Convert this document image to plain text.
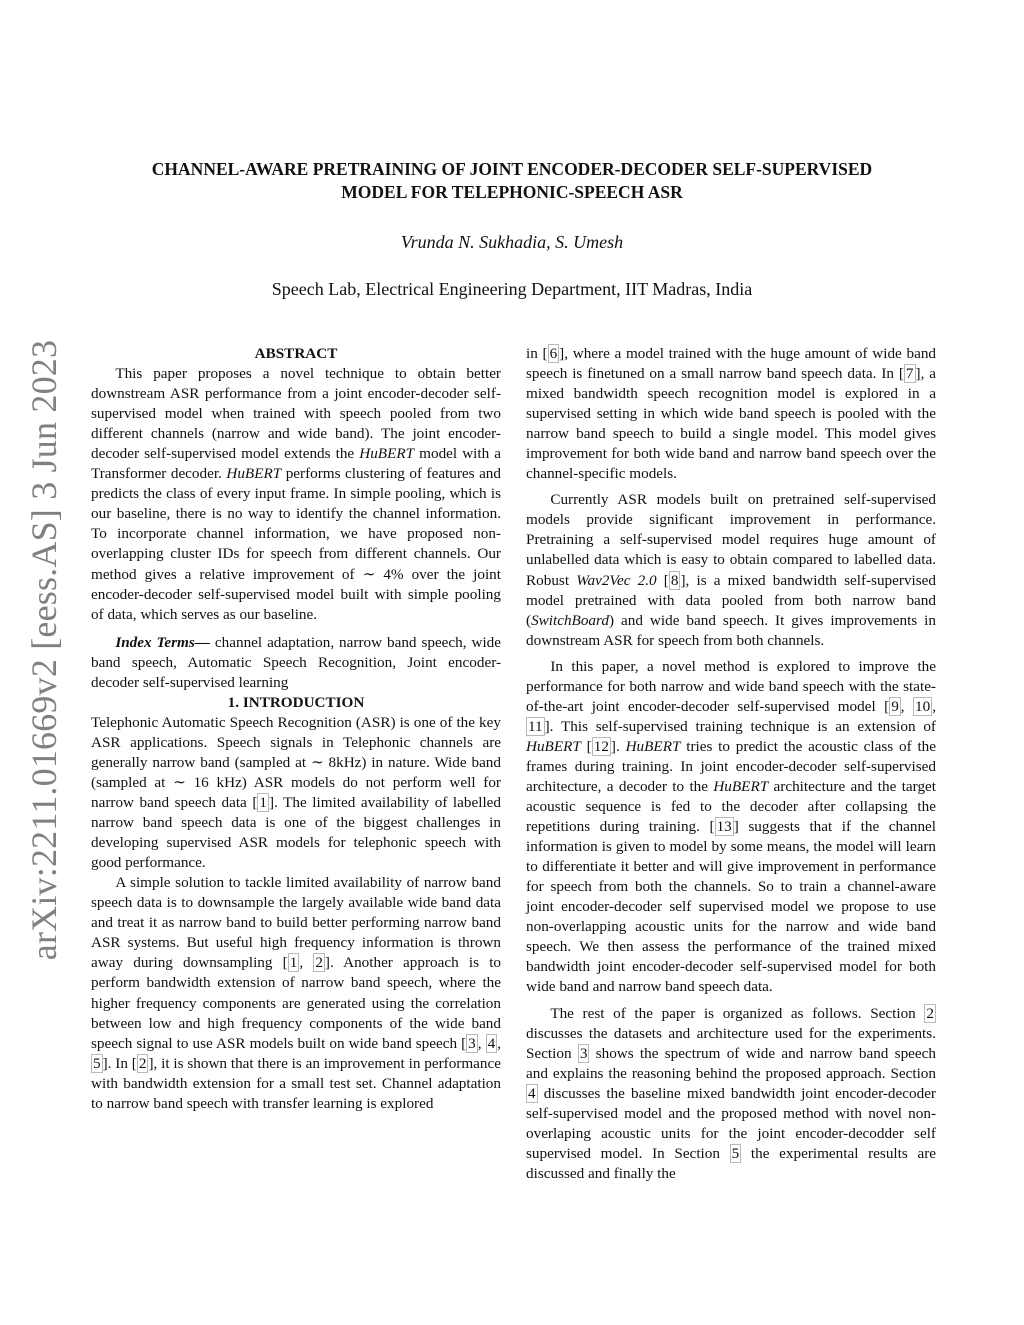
arXiv:2211.01669v2 [eess.AS] 3 Jun 2023
CHANNEL-AWARE PRETRAINING OF JOINT ENCODER-DECODER SELF-SUPERVISED
MODEL FOR TELEPHONIC-SPEECH ASR
Vrunda N. Sukhadia, S. Umesh
Speech Lab, Electrical Engineering Department, IIT Madras, India

ABSTRACT

This paper proposes a novel technique to obtain better downstream ASR performance from a joint encoder-decoder self-supervised model when trained with speech pooled from two different channels (narrow and wide band). The joint encoder-decoder self-supervised model extends the HuBERT model with a Transformer decoder. HuBERT performs clustering of features and predicts the class of every input frame. In simple pooling, which is our baseline, there is no way to identify the channel information. To incorporate channel information, we have proposed non-overlapping cluster IDs for speech from different channels. Our method gives a relative improvement of ∼ 4% over the joint encoder-decoder self-supervised model built with simple pooling of data, which serves as our baseline.

Index Terms— channel adaptation, narrow band speech, wide band speech, Automatic Speech Recognition, Joint encoder-decoder self-supervised learning

1. INTRODUCTION

Telephonic Automatic Speech Recognition (ASR) is one of the key ASR applications. Speech signals in Telephonic channels are generally narrow band (sampled at ∼ 8kHz) in nature. Wide band (sampled at ∼ 16 kHz) ASR models do not perform well for narrow band speech data [ 1 ]. The limited availability of labelled narrow band speech data is one of the biggest challenges in developing supervised ASR models for telephonic speech with good performance.

A simple solution to tackle limited availability of narrow band speech data is to downsample the largely available wide band data and treat it as narrow band to build better performing narrow band ASR systems. But useful high frequency information is thrown away during downsampling [ 1 , 2 ]. Another approach is to perform bandwidth extension of narrow band speech, where the higher frequency components are generated using the correlation between low and high frequency components of the wide band speech signal to use ASR models built on wide band speech [ 3 , 4 , 5 ]. In [ 2 ], it is shown that there is an improvement in performance with bandwidth extension for a small test set. Channel adaptation to narrow band speech with transfer learning is explored

in [ 6 ], where a model trained with the huge amount of wide band speech is finetuned on a small narrow band speech data. In [ 7 ], a mixed bandwidth speech recognition model is explored in a supervised setting in which wide band speech is pooled with the narrow band speech to build a single model. This model gives improvement for both wide band and narrow band speech over the channel-specific models.

Currently ASR models built on pretrained self-supervised models provide significant improvement in performance. Pretraining a self-supervised model requires huge amount of unlabelled data which is easy to obtain compared to labelled data. Robust Wav2Vec 2.0 [ 8 ], is a mixed bandwidth self-supervised model pretrained with data pooled from both narrow band (SwitchBoard) and wide band speech. It gives improvements in downstream ASR for speech from both channels.

In this paper, a novel method is explored to improve the performance for both narrow and wide band speech with the state-of-the-art joint encoder-decoder self-supervised model [ 9 , 10 , 11 ]. This self-supervised training technique is an extension of HuBERT [ 12 ]. HuBERT tries to predict the acoustic class of the frames during training. In joint encoder-decoder self-supervised architecture, a decoder to the HuBERT architecture and the target acoustic sequence is fed to the decoder after collapsing the repetitions during training. [ 13 ] suggests that if the channel information is given to model by some means, the model will learn to differentiate it better and will give improvement in performance for speech from both the channels. So to train a channel-aware joint encoder-decoder self supervised model we propose to use non-overlapping acoustic units for the narrow and wide band speech. We then assess the performance of the trained mixed bandwidth joint encoder-decoder self-supervised model for both wide band and narrow band speech data.

The rest of the paper is organized as follows. Section 2 discusses the datasets and architecture used for the experiments. Section 3 shows the spectrum of wide and narrow band speech and explains the reasoning behind the proposed approach. Section 4 discusses the baseline mixed bandwidth joint encoder-decoder self-supervised model and the proposed method with novel non-overlaping acoustic units for the joint encoder-decodder self supervised model. In Section 5 the experimental results are discussed and finally the
